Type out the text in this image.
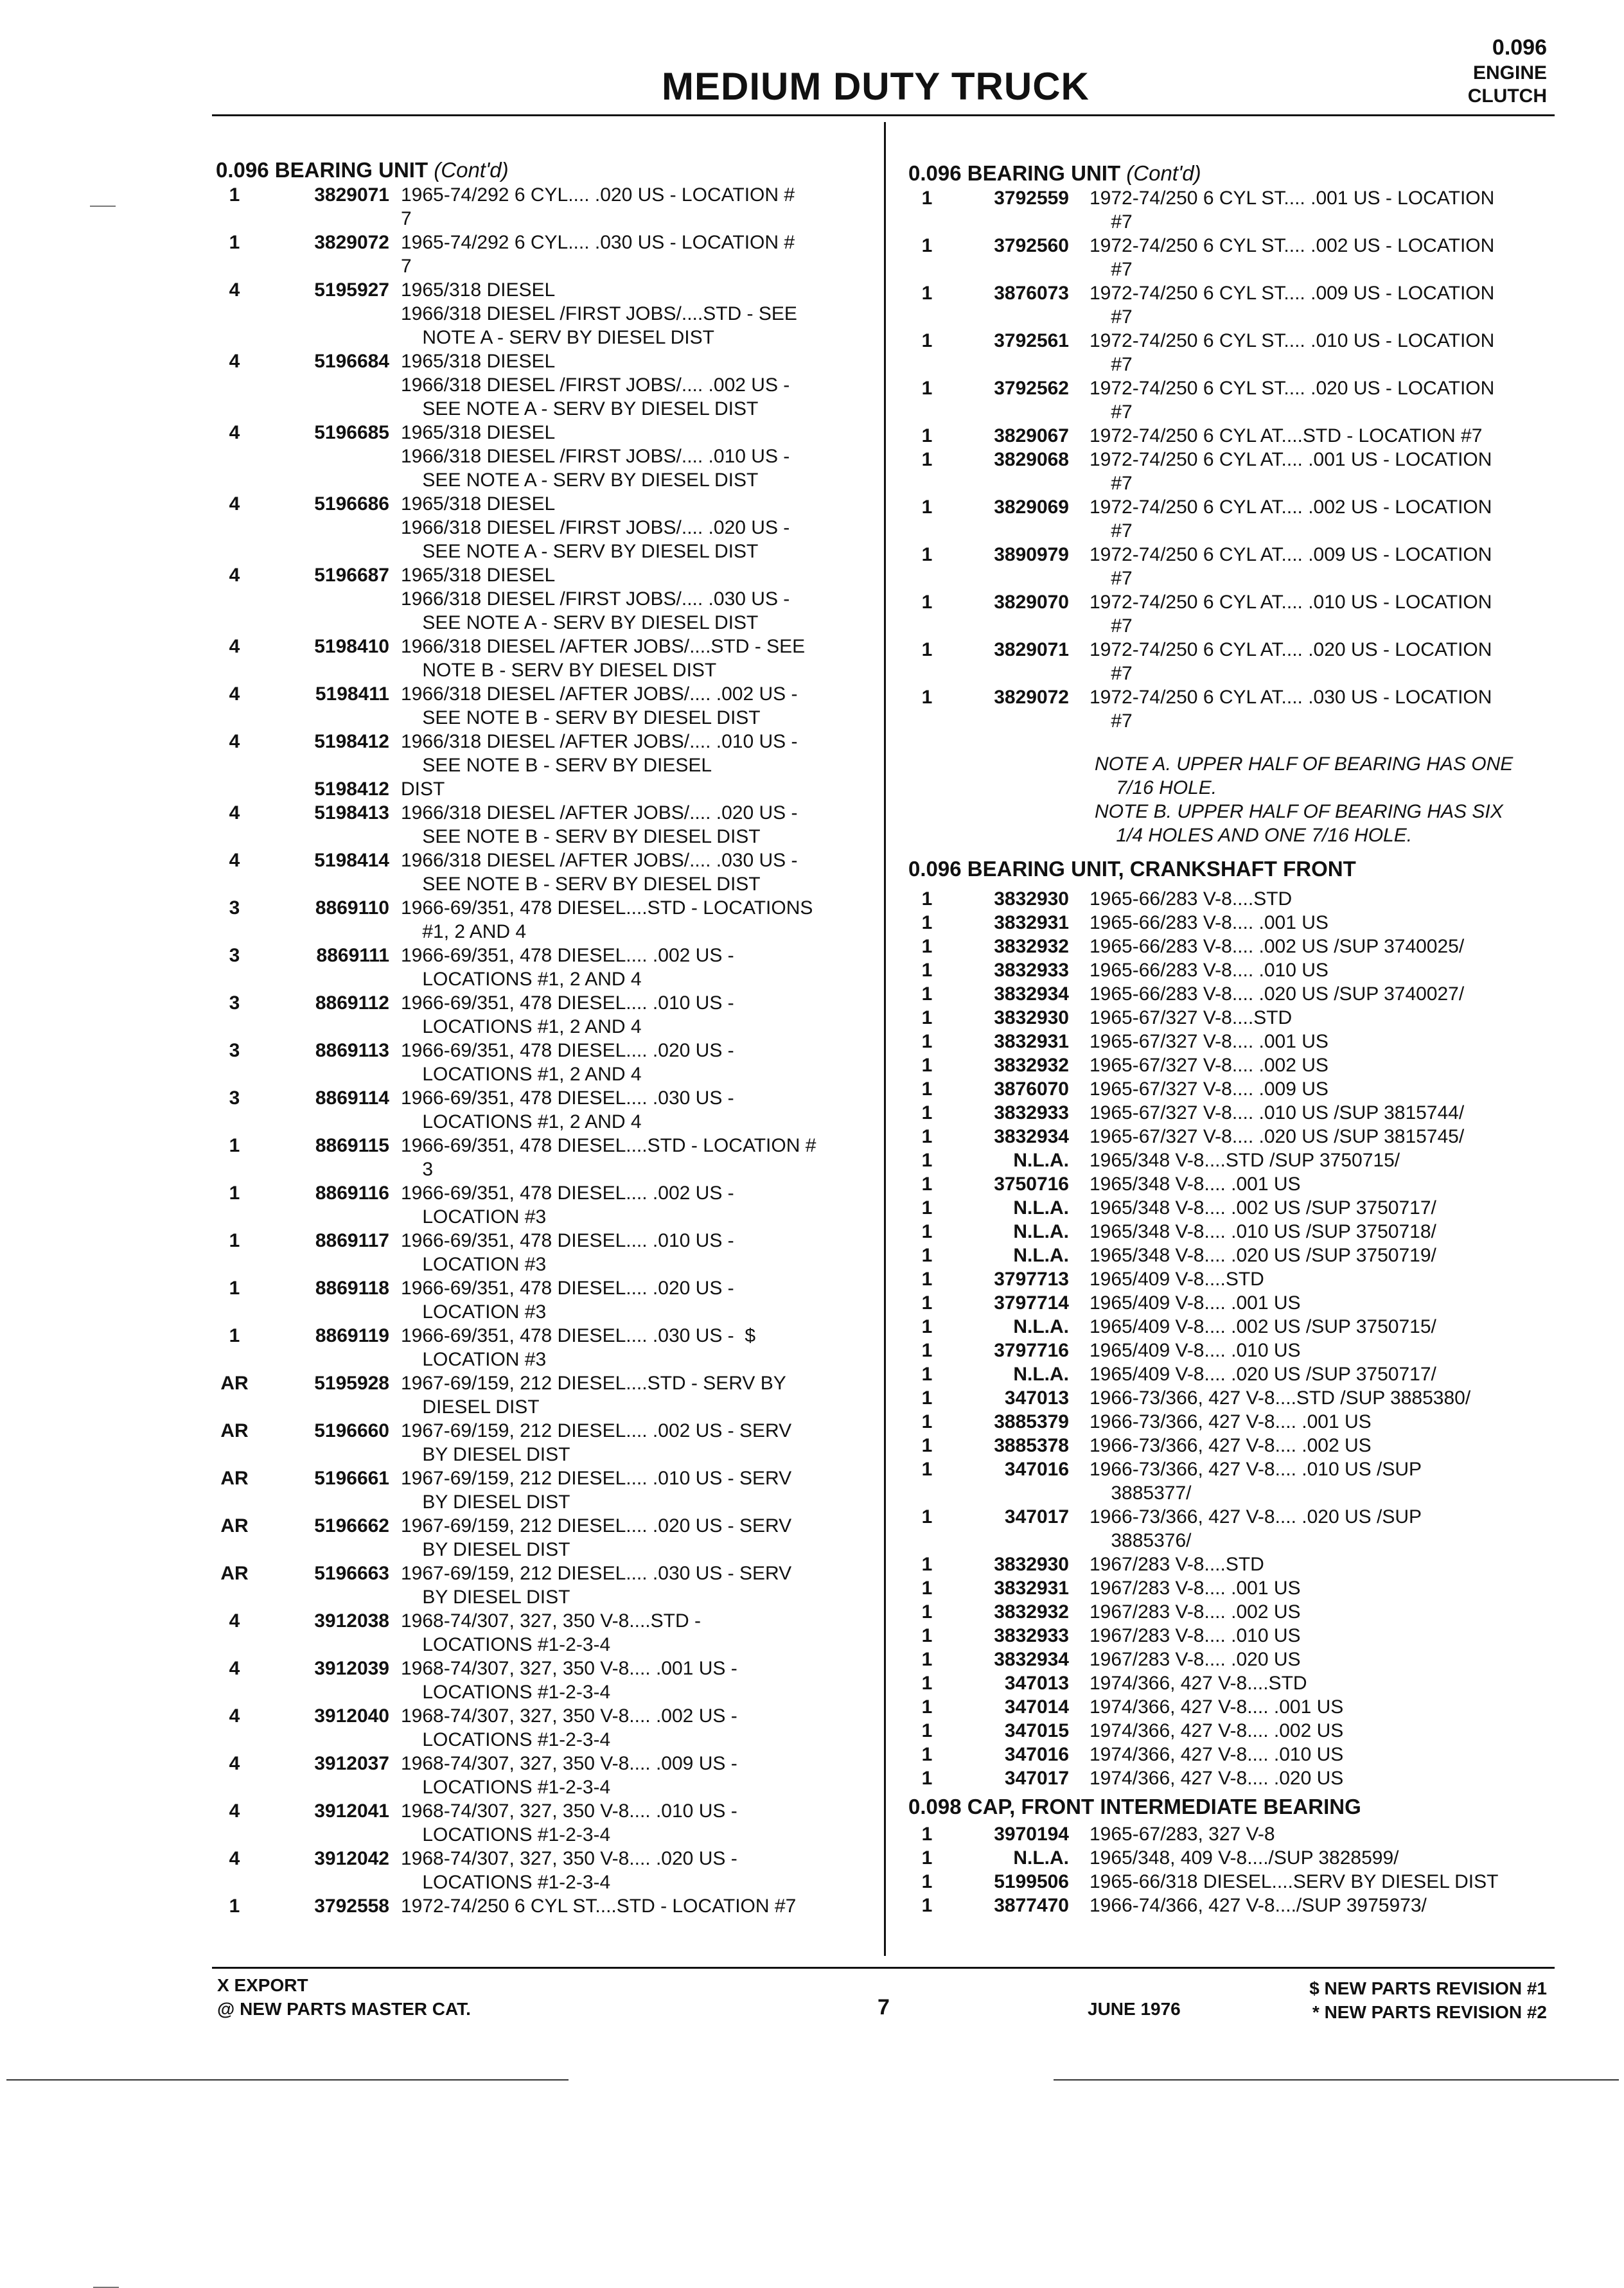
MEDIUM DUTY TRUCK
0.096
ENGINE
CLUTCH
0.096 BEARING UNIT (Cont'd)
1	3829071 1965-74/292 6 CYL.... .020 US - LOCATION #
7
1	3829072 1965-74/292 6 CYL.... .030 US - LOCATION #
7
4	5195927 1965/318 DIESEL
1966/318 DIESEL /FIRST JOBS/....STD - SEE
NOTE A - SERV BY DIESEL DIST
4	5196684 1965/318 DIESEL
1966/318 DIESEL /FIRST JOBS/.... .002 US -
SEE NOTE A - SERV BY DIESEL DIST
4	5196685 1965/318 DIESEL
1966/318 DIESEL /FIRST JOBS/.... .010 US -
SEE NOTE A - SERV BY DIESEL DIST
4	5196686 1965/318 DIESEL
1966/318 DIESEL /FIRST JOBS/.... .020 US -
SEE NOTE A - SERV BY DIESEL DIST
4	5196687 1965/318 DIESEL
1966/318 DIESEL /FIRST JOBS/.... .030 US -
SEE NOTE A - SERV BY DIESEL DIST
4	5198410 1966/318 DIESEL /AFTER JOBS/....STD - SEE
NOTE B - SERV BY DIESEL DIST
4	5198411 1966/318 DIESEL /AFTER JOBS/.... .002 US -
SEE NOTE B - SERV BY DIESEL DIST
4	5198412 1966/318 DIESEL /AFTER JOBS/.... .010 US -
SEE NOTE B - SERV BY DIESEL
5198412 DIST
4	5198413 1966/318 DIESEL /AFTER JOBS/.... .020 US -
SEE NOTE B - SERV BY DIESEL DIST
4	5198414 1966/318 DIESEL /AFTER JOBS/.... .030 US -
SEE NOTE B - SERV BY DIESEL DIST
3	8869110 1966-69/351, 478 DIESEL....STD - LOCATIONS
#1, 2 AND 4
3	8869111 1966-69/351, 478 DIESEL.... .002 US -
LOCATIONS #1, 2 AND 4
3	8869112 1966-69/351, 478 DIESEL.... .010 US -
LOCATIONS #1, 2 AND 4
3	8869113 1966-69/351, 478 DIESEL.... .020 US -
LOCATIONS #1, 2 AND 4
3	8869114 1966-69/351, 478 DIESEL.... .030 US -
LOCATIONS #1, 2 AND 4
1	8869115 1966-69/351, 478 DIESEL....STD - LOCATION #
3
1	8869116 1966-69/351, 478 DIESEL.... .002 US -
LOCATION #3
1	8869117 1966-69/351, 478 DIESEL.... .010 US -
LOCATION #3
1	8869118 1966-69/351, 478 DIESEL.... .020 US -
LOCATION #3
1	8869119 1966-69/351, 478 DIESEL.... .030 US -  $
LOCATION #3
AR	5195928 1967-69/159, 212 DIESEL....STD - SERV BY
DIESEL DIST
AR	5196660 1967-69/159, 212 DIESEL.... .002 US - SERV
BY DIESEL DIST
AR	5196661 1967-69/159, 212 DIESEL.... .010 US - SERV
BY DIESEL DIST
AR	5196662 1967-69/159, 212 DIESEL.... .020 US - SERV
BY DIESEL DIST
AR	5196663 1967-69/159, 212 DIESEL.... .030 US - SERV
BY DIESEL DIST
4	3912038 1968-74/307, 327, 350 V-8....STD -
LOCATIONS #1-2-3-4
4	3912039 1968-74/307, 327, 350 V-8.... .001 US -
LOCATIONS #1-2-3-4
4	3912040 1968-74/307, 327, 350 V-8.... .002 US -
LOCATIONS #1-2-3-4
4	3912037 1968-74/307, 327, 350 V-8.... .009 US -
LOCATIONS #1-2-3-4
4	3912041 1968-74/307, 327, 350 V-8.... .010 US -
LOCATIONS #1-2-3-4
4	3912042 1968-74/307, 327, 350 V-8.... .020 US -
LOCATIONS #1-2-3-4
1	3792558 1972-74/250 6 CYL ST....STD - LOCATION #7
0.096 BEARING UNIT (Cont'd)
1	3792559 1972-74/250 6 CYL ST.... .001 US - LOCATION
#7
1	3792560 1972-74/250 6 CYL ST.... .002 US - LOCATION
#7
1	3876073 1972-74/250 6 CYL ST.... .009 US - LOCATION
#7
1	3792561 1972-74/250 6 CYL ST.... .010 US - LOCATION
#7
1	3792562 1972-74/250 6 CYL ST.... .020 US - LOCATION
#7
1	3829067 1972-74/250 6 CYL AT....STD - LOCATION #7
1	3829068 1972-74/250 6 CYL AT.... .001 US - LOCATION
#7
1	3829069 1972-74/250 6 CYL AT.... .002 US - LOCATION
#7
1	3890979 1972-74/250 6 CYL AT.... .009 US - LOCATION
#7
1	3829070 1972-74/250 6 CYL AT.... .010 US - LOCATION
#7
1	3829071 1972-74/250 6 CYL AT.... .020 US - LOCATION
#7
1	3829072 1972-74/250 6 CYL AT.... .030 US - LOCATION
#7
NOTE A. UPPER HALF OF BEARING HAS ONE
7/16 HOLE.
NOTE B. UPPER HALF OF BEARING HAS SIX
1/4 HOLES AND ONE 7/16 HOLE.
0.096 BEARING UNIT, CRANKSHAFT FRONT
1	3832930 1965-66/283 V-8....STD
1	3832931 1965-66/283 V-8.... .001 US
1	3832932 1965-66/283 V-8.... .002 US /SUP 3740025/
1	3832933 1965-66/283 V-8.... .010 US
1	3832934 1965-66/283 V-8.... .020 US /SUP 3740027/
1	3832930 1965-67/327 V-8....STD
1	3832931 1965-67/327 V-8.... .001 US
1	3832932 1965-67/327 V-8.... .002 US
1	3876070 1965-67/327 V-8.... .009 US
1	3832933 1965-67/327 V-8.... .010 US /SUP 3815744/
1	3832934 1965-67/327 V-8.... .020 US /SUP 3815745/
1	N.L.A. 1965/348 V-8....STD /SUP 3750715/
1	3750716 1965/348 V-8.... .001 US
1	N.L.A. 1965/348 V-8.... .002 US /SUP 3750717/
1	N.L.A. 1965/348 V-8.... .010 US /SUP 3750718/
1	N.L.A. 1965/348 V-8.... .020 US /SUP 3750719/
1	3797713 1965/409 V-8....STD
1	3797714 1965/409 V-8.... .001 US
1	N.L.A. 1965/409 V-8.... .002 US /SUP 3750715/
1	3797716 1965/409 V-8.... .010 US
1	N.L.A. 1965/409 V-8.... .020 US /SUP 3750717/
1	347013 1966-73/366, 427 V-8....STD /SUP 3885380/
1	3885379 1966-73/366, 427 V-8.... .001 US
1	3885378 1966-73/366, 427 V-8.... .002 US
1	347016 1966-73/366, 427 V-8.... .010 US /SUP
3885377/
1	347017 1966-73/366, 427 V-8.... .020 US /SUP
3885376/
1	3832930 1967/283 V-8....STD
1	3832931 1967/283 V-8.... .001 US
1	3832932 1967/283 V-8.... .002 US
1	3832933 1967/283 V-8.... .010 US
1	3832934 1967/283 V-8.... .020 US
1	347013 1974/366, 427 V-8....STD
1	347014 1974/366, 427 V-8.... .001 US
1	347015 1974/366, 427 V-8.... .002 US
1	347016 1974/366, 427 V-8.... .010 US
1	347017 1974/366, 427 V-8.... .020 US
0.098 CAP, FRONT INTERMEDIATE BEARING
1	3970194 1965-67/283, 327 V-8
1	N.L.A. 1965/348, 409 V-8..../SUP 3828599/
1	5199506 1965-66/318 DIESEL....SERV BY DIESEL DIST
1	3877470 1966-74/366, 427 V-8..../SUP 3975973/
X EXPORT
@ NEW PARTS MASTER CAT.	7	JUNE 1976
$ NEW PARTS REVISION #1
* NEW PARTS REVISION #2
